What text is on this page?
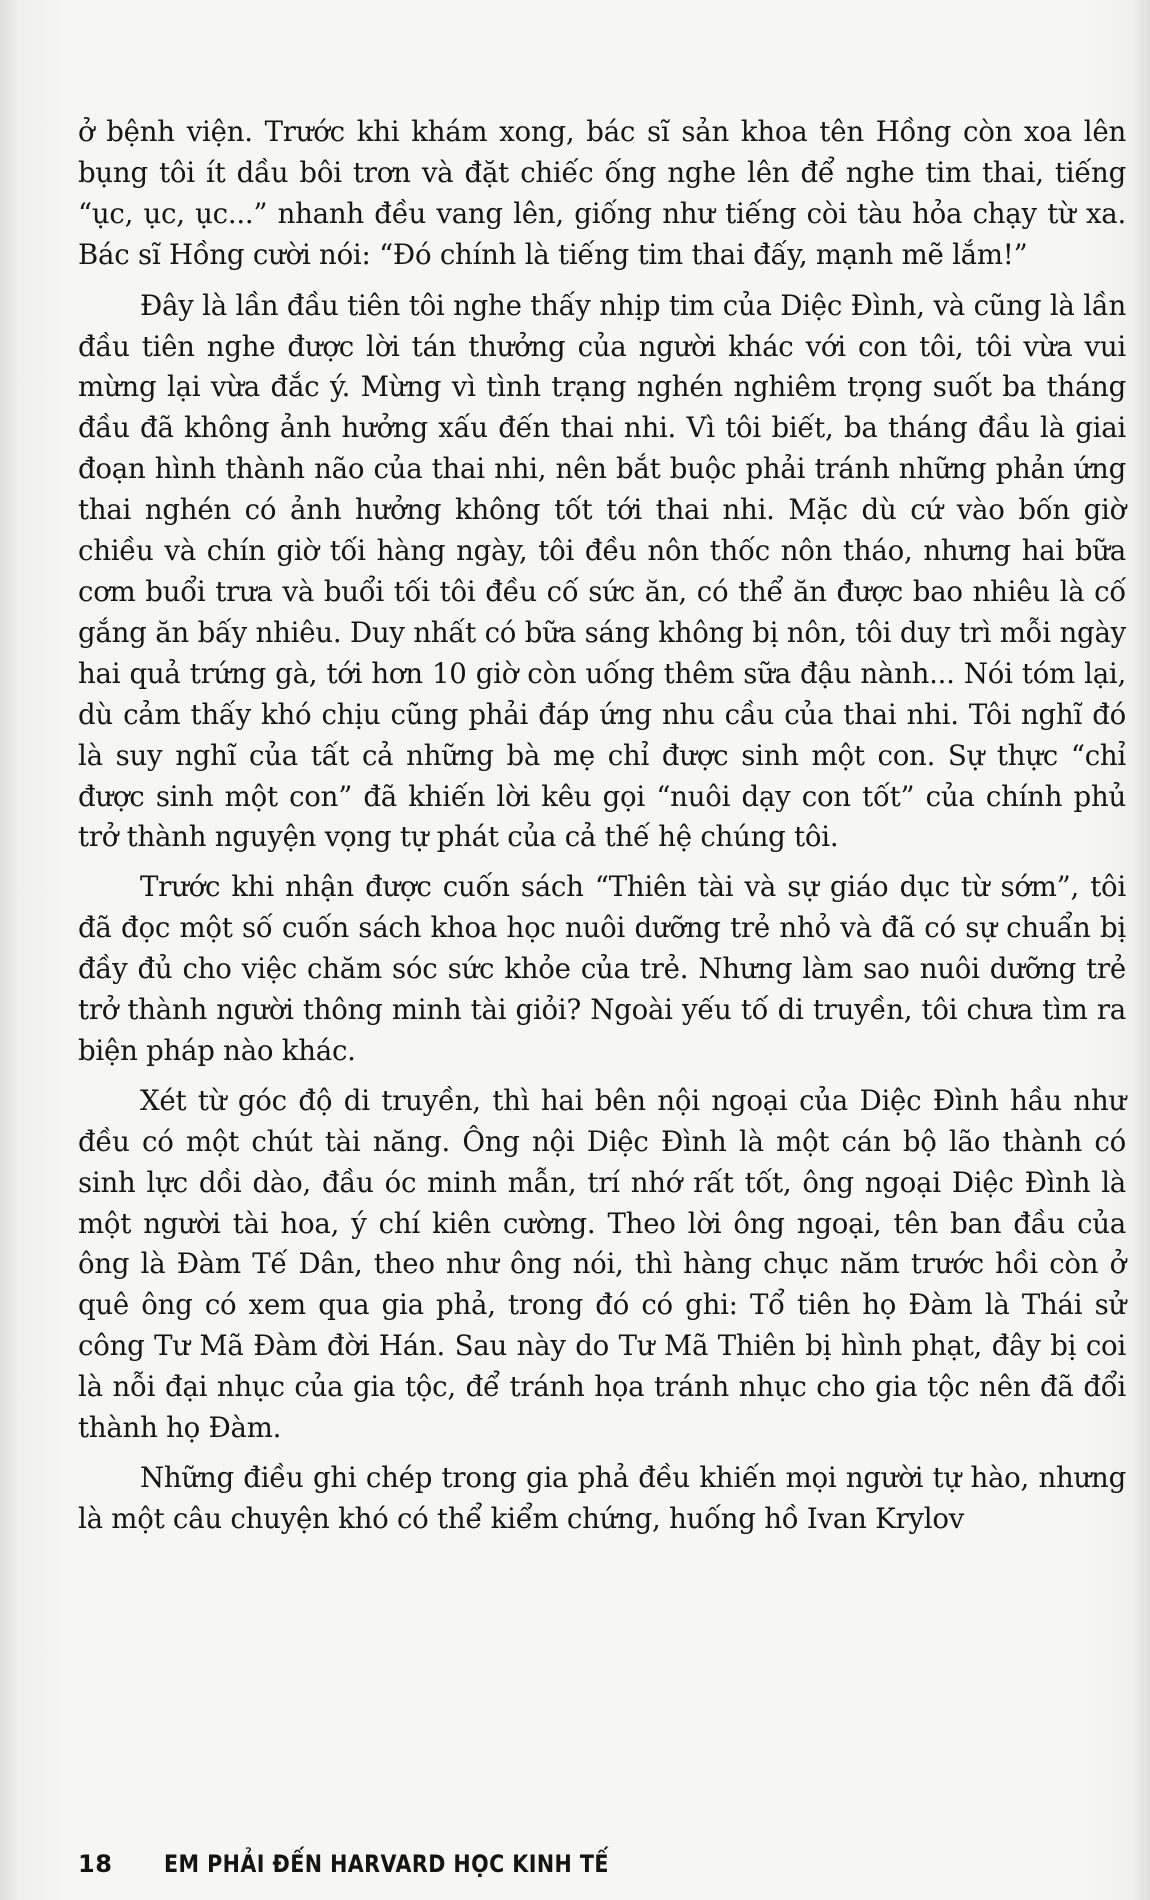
ở bệnh viện. Trước khi khám xong, bác sĩ sản khoa tên Hồng còn xoa lên bụng tôi ít dầu bôi trơn và đặt chiếc ống nghe lên để nghe tim thai, tiếng “ục, ục, ục...” nhanh đều vang lên, giống như tiếng còi tàu hỏa chạy từ xa. Bác sĩ Hồng cười nói: “Đó chính là tiếng tim thai đấy, mạnh mẽ lắm!”

Đây là lần đầu tiên tôi nghe thấy nhịp tim của Diệc Đình, và cũng là lần đầu tiên nghe được lời tán thưởng của người khác với con tôi, tôi vừa vui mừng lại vừa đắc ý. Mừng vì tình trạng nghén nghiêm trọng suốt ba tháng đầu đã không ảnh hưởng xấu đến thai nhi. Vì tôi biết, ba tháng đầu là giai đoạn hình thành não của thai nhi, nên bắt buộc phải tránh những phản ứng thai nghén có ảnh hưởng không tốt tới thai nhi. Mặc dù cứ vào bốn giờ chiều và chín giờ tối hàng ngày, tôi đều nôn thốc nôn tháo, nhưng hai bữa cơm buổi trưa và buổi tối tôi đều cố sức ăn, có thể ăn được bao nhiêu là cố gắng ăn bấy nhiêu. Duy nhất có bữa sáng không bị nôn, tôi duy trì mỗi ngày hai quả trứng gà, tới hơn 10 giờ còn uống thêm sữa đậu nành... Nói tóm lại, dù cảm thấy khó chịu cũng phải đáp ứng nhu cầu của thai nhi. Tôi nghĩ đó là suy nghĩ của tất cả những bà mẹ chỉ được sinh một con. Sự thực “chỉ được sinh một con” đã khiến lời kêu gọi “nuôi dạy con tốt” của chính phủ trở thành nguyện vọng tự phát của cả thế hệ chúng tôi.

Trước khi nhận được cuốn sách “Thiên tài và sự giáo dục từ sớm”, tôi đã đọc một số cuốn sách khoa học nuôi dưỡng trẻ nhỏ và đã có sự chuẩn bị đầy đủ cho việc chăm sóc sức khỏe của trẻ. Nhưng làm sao nuôi dưỡng trẻ trở thành người thông minh tài giỏi? Ngoài yếu tố di truyền, tôi chưa tìm ra biện pháp nào khác.

Xét từ góc độ di truyền, thì hai bên nội ngoại của Diệc Đình hầu như đều có một chút tài năng. Ông nội Diệc Đình là một cán bộ lão thành có sinh lực dồi dào, đầu óc minh mẫn, trí nhớ rất tốt, ông ngoại Diệc Đình là một người tài hoa, ý chí kiên cường. Theo lời ông ngoại, tên ban đầu của ông là Đàm Tế Dân, theo như ông nói, thì hàng chục năm trước hồi còn ở quê ông có xem qua gia phả, trong đó có ghi: Tổ tiên họ Đàm là Thái sử công Tư Mã Đàm đời Hán. Sau này do Tư Mã Thiên bị hình phạt, đây bị coi là nỗi đại nhục của gia tộc, để tránh họa tránh nhục cho gia tộc nên đã đổi thành họ Đàm.

Những điều ghi chép trong gia phả đều khiến mọi người tự hào, nhưng là một câu chuyện khó có thể kiểm chứng, huống hồ Ivan Krylov

18 EM PHẢI ĐẾN HARVARD HỌC KINH TẾ
